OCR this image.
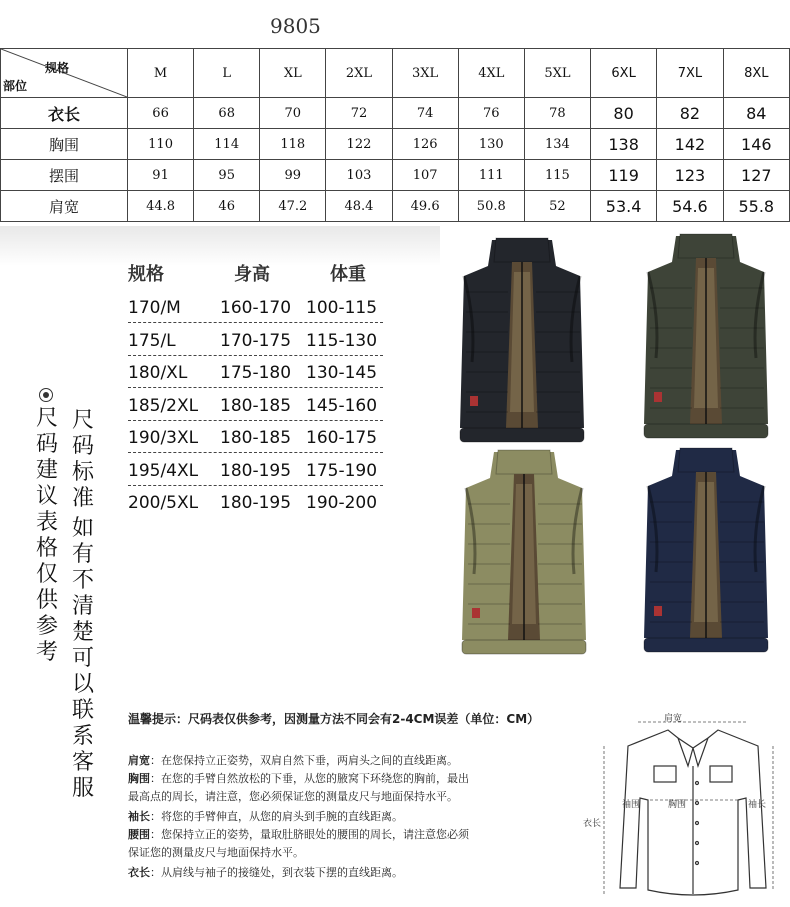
9805
规格
部位	M	L	XL	2XL	3XL	4XL	5XL	6XL	7XL	8XL
衣长	66	68	70	72	74	76	78	80	82	84
胸围	110	114	118	122	126	130	134	138	142	146
摆围	91	95	99	103	107	111	115	119	123	127
肩宽	44.8	46	47.2	48.4	49.6	50.8	52	53.4	54.6	55.8
规格	身高	体重
170/M 160-170 100-115
175/L	170-175 115-130
180/XL 175-180 130-145
185/2XL 180-185 145-160
190/3XL 180-185 160-175
195/4XL 180-195 175-190
200/5XL 180-195 190-200
尺码标准
如有不清楚可以联系客服
尺码建议表格
仅供参考
温馨提示：尺码表仅供参考，因测量方法不同会有2-4CM误差（单位：CM）
肩宽：在您保持立正姿势，双肩自然下垂，两肩头之间的直线距离。
胸围：在您的手臂自然放松的下垂，从您的腋窝下环绕您的胸前，最出
最高点的周长，请注意，您必须保证您的测量皮尺与地面保持水平。
袖长：将您的手臂伸直，从您的肩头到手腕的直线距离。
腰围：您保持立正的姿势，量取肚脐眼处的腰围的周长，请注意您必须
保证您的测量皮尺与地面保持水平。
衣长：从肩线与袖子的接缝处，到衣装下摆的直线距离。
肩宽
衣长
袖长
袖围	胸围
